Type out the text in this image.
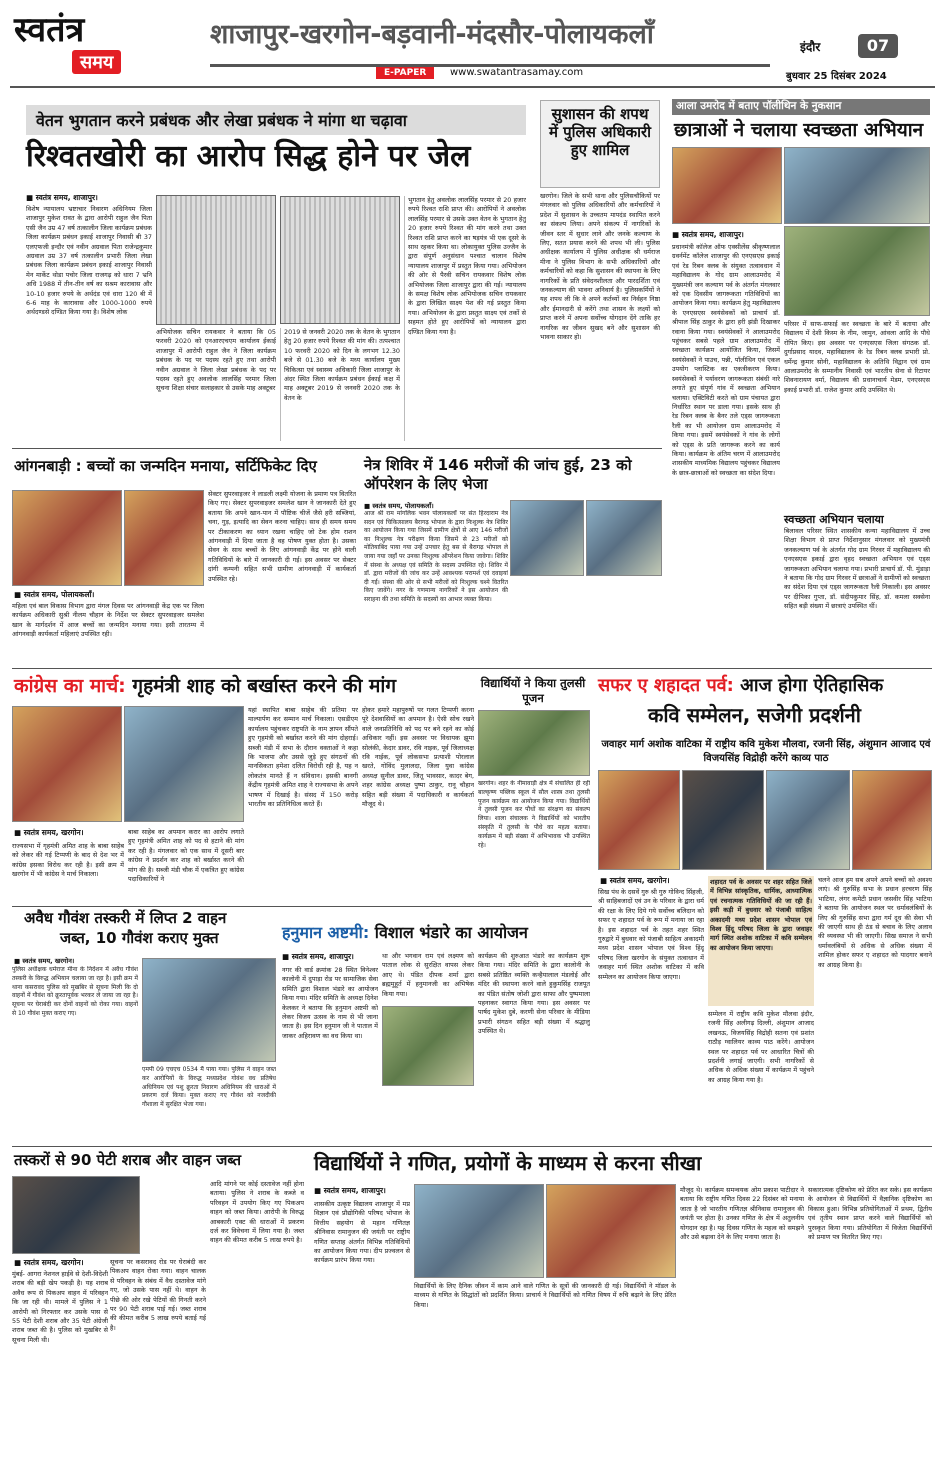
स्वतंत्र
समय
शाजापुर-खरगोन-बड़वानी-मंदसौर-पोलायकलाँ
E-PAPER	www.swatantrasamay.com
इंदौर	07
बुधवार 25 दिसंबर 2024
वेतन भुगतान करने प्रबंधक और लेखा प्रबंधक ने मांगा था चढ़ावा
रिश्वतखोरी का आरोप सिद्ध होने पर जेल
■ स्वतंत्र समय, शाजापुर।
विशेष न्यायालय भ्रष्टाचार निवारण अधिनियम जिला शाजापुर मुकेश रावत के द्वारा आरोपी राहुल जैन पिता एसी जैन उम्र 47 वर्ष तत्कालीन जिला कार्यक्रम प्रबंधक जिला कार्यक्रम प्रबंधन इकाई शाजापुर निवासी बी 37 एलएफजी इन्दौर एवं नवीन अग्रवाल पिता राजेन्द्रकुमार अग्रवाल उम्र 37 वर्ष तत्कालीन प्रभारी जिला लेखा प्रबंधक जिला कार्यक्रम प्रबंधन इकाई शाजापुर निवासी मेन मार्केट थोडा पचोर जिला राजगढ़ को धारा 7 भ्रनि अधि 1988 में तीन-तीन वर्ष का सश्रम कारावास और 10-10 हजार रुपये के अर्थदंड एवं धारा 120 बी में 6-6 माह के कारावास और 1000-1000 रुपये अर्थदण्डसे दण्डित किया गया है। विशेष लोक
अभियोजक सचिन रायकवार ने बताया कि 05 फरवरी 2020 को एनआरएचएम कार्यालय ईकाई शाजापुर में आरोपी राहुल जैन ने जिला कार्यक्रम प्रबंधक के पद पर पदस्थ रहते हुए तथा आरोपी नवीन अग्रवाल ने जिला लेखा प्रबंधक के पद पर पदस्थ रहते हुए अवलोक लालसिंह परमार जिला सूचना शिक्षा संचार सलाहकार से उसके माह अक्टूबर
2019 से जनवरी 2020 तक के वेतन के भुगतान हेतु 20 हजार रुपये रिश्वत की मांग की। तत्पश्चात 10 फरवरी 2020 को दिन के लगभग 12.30 बजे से 01.30 बजे के मध्य कार्यालय मुख्य चिकित्सा एवं स्वास्थ्य अधिकारी जिला शाजापुर के अंदर स्थित जिला कार्यक्रम प्रबंधन ईकाई कक्ष में माह अक्टूबर 2019 से जनवरी 2020 तक के वेतन के
भुगतान हेतु अवलोक लालसिंह परमार से 20 हजार रुपये रिश्वत राशि प्राप्त की। आरोपियों ने अवलोक लालसिंह परमार से उसके उक्त वेतन के भुगतान हेतु 20 हजार रुपये रिश्वत की मांग करने तथा उक्त रिश्वत राशि प्राप्त करने का षड़यंत्र भी एक दूसरे के साथ रहकर किया था। लोकायुक्त पुलिस उज्जैन के द्वारा संपूर्ण अनुसंधान पश्चात चालान विशेष न्यायालय शाजापुर में प्रस्तुत किया गया। अभियोजन की ओर से पैरवी सचिन रायकवार विशेष लोक अभियोजक जिला शाजापुर द्वारा की गई। न्यायालय के समक्ष विशेष लोक अभियोजक सचिन रायकवार के द्वारा लिखित साक्ष्य पेश की गई प्रस्तुत किया गया। अभियोजन के द्वारा प्रस्तुत साक्ष्य एवं तर्को से सहमत होते हुए आरोपियों को न्यायालय द्वारा दण्डित किया गया है।
सुशासन की शपथ में पुलिस अधिकारी हुए शामिल
खरगोन। जिले के सभी थाना और पुलिसचौकियों पर मंगलवार को पुलिस अधिकारियों और कर्मचारियों ने प्रदेश में सुशासन के उच्चतम मापदंड स्थापित करने का संकल्प लिया। अपने संकल्प में नागरिकों के जीवन स्तर में सुधार लाने और जनके कल्याण के लिए, सतत प्रयास करने की शपथ भी ली। पुलिस अधीक्षक कार्यालय में पुलिस अधीक्षक श्री धर्मराज मीना ने पुलिस विभाग के सभी अधिकारियों और कर्मचारियों को कहा कि सुशासन की स्थापना के लिए नागरिकों के प्रति संवेदनशीलता और पारदर्शिता एवं जनकल्याण की भावना अनिवार्य है। पुलिसकर्मियों ने यह शपथ ली कि वे अपने कर्तव्यों का निर्वहन निष्ठा और ईमानदारी से करेंगे तथा शासन के लक्ष्यों को प्राप्त करने में अपना सर्वोच्च योगदान देंगे ताकि हर नागरिक का जीवन सुखद बने और सुशासन की भावना साकार हो।
आला उमरोद में बताए पॉलीथिन के नुकसान
छात्राओं ने चलाया स्वच्छता अभियान
■ स्वतंत्र समय, शाजापुर।
प्रधानमंत्री कॉलेज ऑफ एक्सीलेंस श्रीकृष्णलाल ग्रवर्नमेंट कॉलेज शाजापुर की एनएसएस इकाई एवं रेड रिबन क्लब के संयुक्त तत्वावधान में महाविद्यालय के गोद ग्राम आलाउमरोद में मुख्यमंत्री जन कल्याण पर्व के अंतर्गत मंगलवार को एक दिवसीय जागरूकता गतिविधियों का आयोजन किया गया। कार्यक्रम हेतु महाविद्यालय के एनएसएस स्वयंसेवकों को प्राचार्य डॉ. श्रीपाल सिंह ठाकुर के द्वारा हरी झंडी दिखाकर रवाना किया गया। स्वयंसेवकों ने आलाउमरोद पहुंचकर सबसे पहले ग्राम आलाउमरोद में स्वच्छता कार्यक्रम आयोजित किया, जिसमें स्वयंसेवकों ने पाउच, पन्नी, पॉलीथिन एवं एकल उपयोग प्लास्टिक का एकत्रीकरण किया। स्वयंसेवकों ने पर्यावरण जागरूकता संबंधी नारे लगाते हुए संपूर्ण गांव में स्वच्छता अभियान चलाया। एक्टिविटी करते को ग्राम पंचायत द्वारा निर्धारित स्थान पर डाला गया। इसके साथ ही रेड रिबन क्लब के बैनर तले एड्स जागरूकता रैली का भी आयोजन ग्राम आलाउमरोद में किया गया। इसमें स्वयंसेवकों ने गांव के लोगों को एड्स के प्रति जागरूक करने का कार्य किया। कार्यक्रम के अंतिम चरण में आलाउमरोद शासकीय माध्यमिक विद्यालय पहुंचकर विद्यालय के छात्र-छात्राओं को स्वच्छता का संदेश दिया।
परिसर में साफ-सफाई कर स्वच्छता के बारे में बताया और विद्यालय में देशी किस्म के नीम, जामुन, आंवला आदि के पौधे रोपित किए। इस अवसर पर एनएसएस जिला संगठक डॉ. दुर्गाप्रसाद यादव, महाविद्यालय के रेड रिबन क्लब प्रभारी प्रो. धर्मेन्द्र कुमार सोनी, महाविद्यालय के अतिथि विद्वान एवं ग्राम आलाउमरोद के सम्मानीय निवासी एवं भारतीय सेना से रिटायर शिवनारायण वर्मा, विद्यालय की प्रधानाचार्य मेडम, एनएसएस इकाई प्रभारी डॉ. राजेश कुमार आदि उपस्थित थे।
स्वच्छता अभियान चलाया
बिलावल परिसर स्थित शासकीय कन्या महाविद्यालय में उच्च शिक्षा विभाग से प्राप्त निर्देशानुसार मंगलवार को मुख्यमंत्री जनकल्याण पर्व के अंतर्गत गोद ग्राम गिरवर में महाविद्यालय की एनएसएस इकाई द्वारा वृहद स्वच्छता अभियान एवं एड्स जागरूकता अभियान चलाया गया। प्रभारी प्राचार्य डॉ. पी. मुंडाड़ा ने बताया कि गोद ग्राम गिरवर में छात्राओं ने ग्रामीणों को स्वच्छता का संदेश दिया एवं एड्स जागरूकता रैली निकाली। इस अवसर पर दीपिका गुप्ता, डॉ. संदीपकुमार सिंह, डॉ. कमला सक्सेना सहित बड़ी संख्या में छात्राएं उपस्थित थीं।
आंगनबाड़ी : बच्चों का जन्मदिन मनाया, सर्टिफिकेट दिए
■ स्वतंत्र समय, पोलायकलाँ।
महिला एवं बाल विकास विभाग द्वारा मंगल दिवस पर आंगनवाड़ी केंद्र एक पर जिला कार्यक्रम अधिकारी सुश्री नीलम चौहान के निर्देश पर सेक्टर सुपरवाइजर समलेश खान के मार्गदर्शन में आज बच्चों का जन्मदिन मनाया गया। इसी तारतम्य में आंगनवाड़ी कार्यकर्ता महिलाएं उपस्थित रही।
सेक्टर सुपरवाइजर ने लाडली लक्ष्मी योजना के प्रमाण पत्र वितरित किए गए। सेक्टर सुपरवाइजर समलेश खान ने जानकारी देते हुए बताया कि अपने खान-पान में पौष्टिक चीजें जैसे हरी सब्जियां, चना, गुड़, इत्यादि का सेवन करना चाहिए। साथ ही समय समय पर टीकाकरण का ध्यान रखना चाहिए जो टेक होम राशन आंगनवाड़ी में दिया जाता है वह पोषण युक्त होता है। उसका सेवन के साथ बच्चों के लिए आंगनवाड़ी केंद्र पर होने वाली गतिविधियों के बारे में जानकारी दी गई। इस अवसर पर सेक्टर दांगी कम्पनी सहित सभी ग्रामीण आंगनवाड़ी में कार्यकर्ता उपस्थित रहे।
नेत्र शिविर में 146 मरीजों की जांच हुई, 23 को ऑपरेशन के लिए भेजा
■ स्वतंत्र समय, पोलायकलाँ।
आज श्री राम मांगलिक भवन पोलायकलाँ पर संत हिरदाराम नेत्र सदन एवं चिकित्सालय बैरागढ़ भोपाल के द्वारा निःशुल्क नेत्र शिविर का आयोजन किया गया जिसमें ग्रामीण क्षेत्रों से आए 146 मरीजों का निःशुल्क नेत्र परीक्षण किया जिसमें से 23 मरीजों को मोतियाबिंद पाया गया उन्हें उपचार हेतु बस से बैरागढ़ भोपाल ले जाया गया जहाँ पर उनका निःशुल्क ऑपरेशन किया जावेगा। शिविर में संस्था के अध्यक्ष एवं समिति के सदस्य उपस्थित रहे। शिविर में डॉ. द्वारा मरीजों की जांच कर उन्हें आवश्यक परामर्श एवं दवाइयां दी गईं। संस्था की ओर से सभी मरीजों को निःशुल्क चश्मे वितरित किए जावेंगे। नगर के गणमान्य नागरिकों ने इस आयोजन की सराहना की तथा समिति के सदस्यों का आभार व्यक्त किया।
कांग्रेस का मार्च: गृहमंत्री शाह को बर्खास्त करने की मांग
■ स्वतंत्र समय, खरगोन।
राज्यसभा में गृहमंत्री अमित शाह के बाबा साहेब को लेकर की गई टिप्पणी के बाद से देश भर में कांग्रेस इसका विरोध कर रही है। इसी क्रम में खरगोन में भी कांग्रेस ने मार्च निकाला।
बाबा साहेब का अपमान करार का आरोप लगाते हुए गृहमंत्री अमित शाह को पद से हटाने की मांग कर रही है। मंगलवार को एक साथ में दूसरी बार कांग्रेस ने प्रदर्शन कर शाह को बर्खास्त करने की मांग की है। सब्जी मंडी चौक में एकत्रित हुए कांग्रेस पदाधिकारियों ने
यहां स्थापित बाबा साहेब की प्रतिमा पर माल्यार्पण कर सम्मान मार्च निकाला। एसडीएम कार्यालय पहुंचकर राष्ट्रपति के नाम ज्ञापन सौंपते हुए गृहमंत्री को बर्खास्त करने की मांग दोहराई। सब्जी मंडी में सभा के दौरान वक्ताओं ने कहा कि भाजपा और उससे जुड़े हुए संगठनों की मानसिकता हमेशा दलित विरोधी रही है, यह न लोकतंत्र मानते हैं न संविधान। इसकी बानगी केंद्रीय गृहमंत्री अमित शाह ने राज्यसभा के अपने भाषण में दिखाई है। संसद में 150 करोड़ भारतीय का प्रतिनिधित्व करते हैं।
होकर हमारे महापुरुषों पर गलत टिप्पणी करना पूरे देशवासियों का अपमान है। ऐसी सोच रखने वाले जनप्रतिनिधि को पद पर बने रहने का कोई अधिकार नहीं। इस अवसर पर विधायक झूमा सोलंकी, केदार डावर, रवि नाइक, पूर्व जिलाध्यक्ष रवि नाईक, पूर्व लोकसभा प्रत्याशी पोरलाल खरते, गोविंद मुलालदा, जिला युवा कांग्रेस अध्यक्ष सुनील डावर, जितू भावसार, कादर बेग, शहर कांग्रेस अध्यक्ष पुष्पा ठाकुर, रानू चौहान सहित बड़ी संख्या में पदाधिकारी व कार्यकर्ता मौजूद थे।
विद्यार्थियों ने किया तुलसी पूजन
खरगोन। शहर के नीमावाड़ी क्षेत्र में संचालित ही रही बाल्कृष्ण पब्लिक स्कूल में सौल शास्त्र तथा तुलसी पूजन कार्यक्रम का आयोजन किया गया। विद्यार्थियों ने तुलसी पूजन कर पौधों का संरक्षण का संकल्प लिया। शाला संचालक ने विद्यार्थियों को भारतीय संस्कृति में तुलसी के पौधे का महत्व बताया। कार्यक्रम में बड़ी संख्या में अभिभावक भी उपस्थित रहे।
सफर ए शहादत पर्व: आज होगा ऐतिहासिक
कवि सम्मेलन, सजेगी प्रदर्शनी
जवाहर मार्ग अशोक वाटिका में राष्ट्रीय कवि मुकेश मौलवा, रजनी सिंह, अंशुमान आजाद एवं विजयसिंह विद्रोही करेंगे काव्य पाठ
■ स्वतंत्र समय, खरगोन।
सिख पंथ के दसवें गुरु श्री गुरु गोविन्द सिंहजी, श्री साहिबजादों एवं उन के परिवार के द्वारा धर्म की रक्षा के लिए दिये गये सर्वोच्च बलिदान को सफर ए शहादत पर्व के रूप में मनाया जा रहा है। इस शहादत पर्व के तहत शहर स्थित गुरुद्वारे में बुधवार को पंजाबी साहित्य अकादमी मध्य प्रदेश शासन भोपाल एवं विश्व हिंदू परिषद जिला खरगोन के संयुक्त तत्वाधान में जवाहर मार्ग स्थित अशोक वाटिका में कवि सम्मेलन का आयोजन किया जाएगा।
शहादत पर्व के अवसर पर शहर सहित जिले में विभिन्न सांस्कृतिक, धार्मिक, आध्यात्मिक एवं रचनात्मक गतिविधियों की जा रही हैं। इसी कड़ी में बुधवार को पंजाबी साहित्य अकादमी मध्य प्रदेश शासन भोपाल एवं विश्व हिंदू परिषद जिला के द्वारा जवाहर मार्ग स्थित अशोक वाटिका में कवि सम्मेलन का आयोजन किया जाएगा।
सम्मेलन में राष्ट्रीय कवि मुकेश मौलवा इंदौर, रजनी सिंह अलीगढ़ दिल्ली, अंशुमान आजाद लखनऊ, विजयसिंह विद्रोही सतना एवं प्रशांत राठौड़ ग्वालियर काव्य पाठ करेंगे। आयोजन स्थल पर शहादत पर्व पर आधारित चित्रों की प्रदर्शनी लगाई जाएगी। सभी नागरिकों से अधिक से अधिक संख्या में कार्यक्रम में पहुंचने का आग्रह किया गया है।
चलने आज हम सब अपने अपने बच्चों को अवश्य लाएं। श्री गुरुसिंह सभा के प्रधान हरचरण सिंह भाटिया, लंगर कमेटी प्रधान जसवीर सिंह भाटिया ने बताया कि आयोजन स्थल पर धर्मावलंबियों के लिए श्री गुरुसिंह सभा द्वारा गर्म दूध की सेवा भी की जाएगी साथ ही ठंड से बचाव के लिए अलाव की व्यवस्था भी की जाएगी। सिख समाज ने सभी धर्मावलंबियों से अधिक से अधिक संख्या में शामिल होकर सफर ए शहादत को यादगार बनाने का आग्रह किया है।
अवैध गौवंश तस्करी में लिप्त 2 वाहन
जब्त, 10 गौवंश कराए मुक्त
■ स्वतंत्र समय, खरगोन।
पुलिस अधीक्षक धर्मराज मीना के निर्देशन में अवैध गौवंश तस्करी के विरुद्ध अभियान चलाया जा रहा है। इसी क्रम में थाना कसरावद पुलिस को मुखबिर से सूचना मिली कि दो वाहनों में गौवंश को क्रूरतापूर्वक भरकर ले जाया जा रहा है। सूचना पर घेराबंदी कर दोनों वाहनों को रोका गया। वाहनों से 10 गौवंश मुक्त कराए गए।
एमपी 09 एचएच 0534 मैं पाया गया। पुलिस ने वाहन जब्त कर आरोपियों के विरुद्ध मध्यप्रदेश गोवंश वध प्रतिषेध अधिनियम एवं पशु क्रूरता निवारण अधिनियम की धाराओं में प्रकरण दर्ज किया। मुक्त कराए गए गौवंश को नजदीकी गौशाला में सुरक्षित भेजा गया।
हनुमान अष्टमी: विशाल भंडारे का आयोजन
■ स्वतंत्र समय, शाजापुर।
नगर की वार्ड क्रमांक 28 स्थित विनेश्वर कालोनी में दुपाड़ा रोड पर सामाजिक सेवा समिति द्वारा विशाल भंडारे का आयोजन किया गया। मंदिर समिति के अध्यक्ष दिनेश केलकर ने बताया कि हनुमान अष्टमी को लेकर विजय उत्सव के नाम से भी जाना जाता है। इस दिन हनुमान जी ने पाताल में जाकर अहिरावण का वध किया था।
था और भगवान राम एवं लक्ष्मण को पाताल लोक से सुरक्षित वापस लेकर आए थे। पंडित दीपक शर्मा द्वारा ब्रह्ममुहूर्त में हनुमानजी का अभिषेक किया गया।
कार्यक्रम की शुरुआत भंडारे का कार्यक्रम शुरू किया गया। मंदिर समिति के द्वारा कालोनी के सबसे प्रतिष्ठित व्यक्ति कन्हैयालाल मंडलोई और मंदिर की स्थापना करने वाले हुकुमसिंह राजपूत का पंडित संतोष जोशी द्वारा साफा और पुष्पमाला पहनाकर स्वागत किया गया। इस अवसर पर पार्षद मुकेश दुबे, करणी सेना परिवार के मीडिया प्रभारी संगठन सहित बड़ी संख्या में श्रद्धालु उपस्थित थे।
तस्करों से 90 पेटी शराब और वाहन जब्त
■ स्वतंत्र समय, खरगोन।
मुंबई- आगरा नेशनल हाईवे से देशी-विदेशी शराब की बड़ी खेप पकड़ी है। यह शराब अवैध रूप से पिकअप वाहन में परिवहन कि जा रही थी। मामले में पुलिस ने 1 आरोपी को गिरफ्तार कर उसके पास से 55 पेटी देशी शराब और 35 पेटी अंग्रेजी शराब जब्त की है। पुलिस को मुखबिर से सूचना मिली थी।
सूचना पर कसरावद रोड पर घेराबंदी कर पिकअप वाहन रोका गया। वाहन चालक से परिवहन के संबंध में वैध दस्तावेज मांगे गए, जो उसके पास नहीं थे। वाहन के पीछे की ओर रखे पेटियों की गिनती करने पर 90 पेटी शराब पाई गई। जब्त शराब की कीमत करीब 5 लाख रुपये बताई गई है।
आदि मांगने पर कोई दस्तावेज नहीं होना बताया। पुलिस ने शराब के कब्जे व परिवहन में उपयोग किए गए पिकअप वाहन को जब्त किया। आरोपी के विरुद्ध आबकारी एक्ट की धाराओं में प्रकरण दर्ज कर विवेचना में लिया गया है। जब्त वाहन की कीमत करीब 5 लाख रुपये है।
विद्यार्थियों ने गणित, प्रयोगों के माध्यम से करना सीखा
■ स्वतंत्र समय, शाजापुर।
शासकीय उत्कृष्ट विद्यालय शाजापुर में मप्र विज्ञान एवं प्रौद्योगिकी परिषद भोपाल के वित्तीय सहयोग से महान गणितज्ञ श्रीनिवास रामानुजन की जयंती पर राष्ट्रीय गणित सप्ताह अंतर्गत विभिन्न गतिविधियों का आयोजन किया गया। दीप प्रज्वलन से कार्यक्रम प्रारंभ किया गया।
विद्यार्थियों के लिए दैनिक जीवन में काम आने वाले गणित के सूत्रों की जानकारी दी गई। विद्यार्थियों ने मॉडल के माध्यम से गणित के सिद्धांतों को प्रदर्शित किया। प्राचार्य ने विद्यार्थियों को गणित विषय में रुचि बढ़ाने के लिए प्रेरित किया।
मौजूद थे। कार्यक्रम समन्वयक ओम प्रकाश पाटीदार ने बताया कि राष्ट्रीय गणित दिवस 22 दिसंबर को मनाया जाता है जो भारतीय गणितज्ञ श्रीनिवास रामानुजन की जयंती पर होता है। उनका गणित के क्षेत्र में अतुलनीय योगदान रहा है। यह दिवस गणित के महत्व को समझने और उसे बढ़ावा देने के लिए मनाया जाता है।
सकारात्मक दृष्टिकोण को प्रेरित कर सके। इस कार्यक्रम के आयोजन से विद्यार्थियों में वैज्ञानिक दृष्टिकोण का विकास हुआ। विभिन्न प्रतियोगिताओं में प्रथम, द्वितीय एवं तृतीय स्थान प्राप्त करने वाले विद्यार्थियों को पुरस्कृत किया गया। प्रतियोगिता में विजेता विद्यार्थियों को प्रमाण पत्र वितरित किए गए।
